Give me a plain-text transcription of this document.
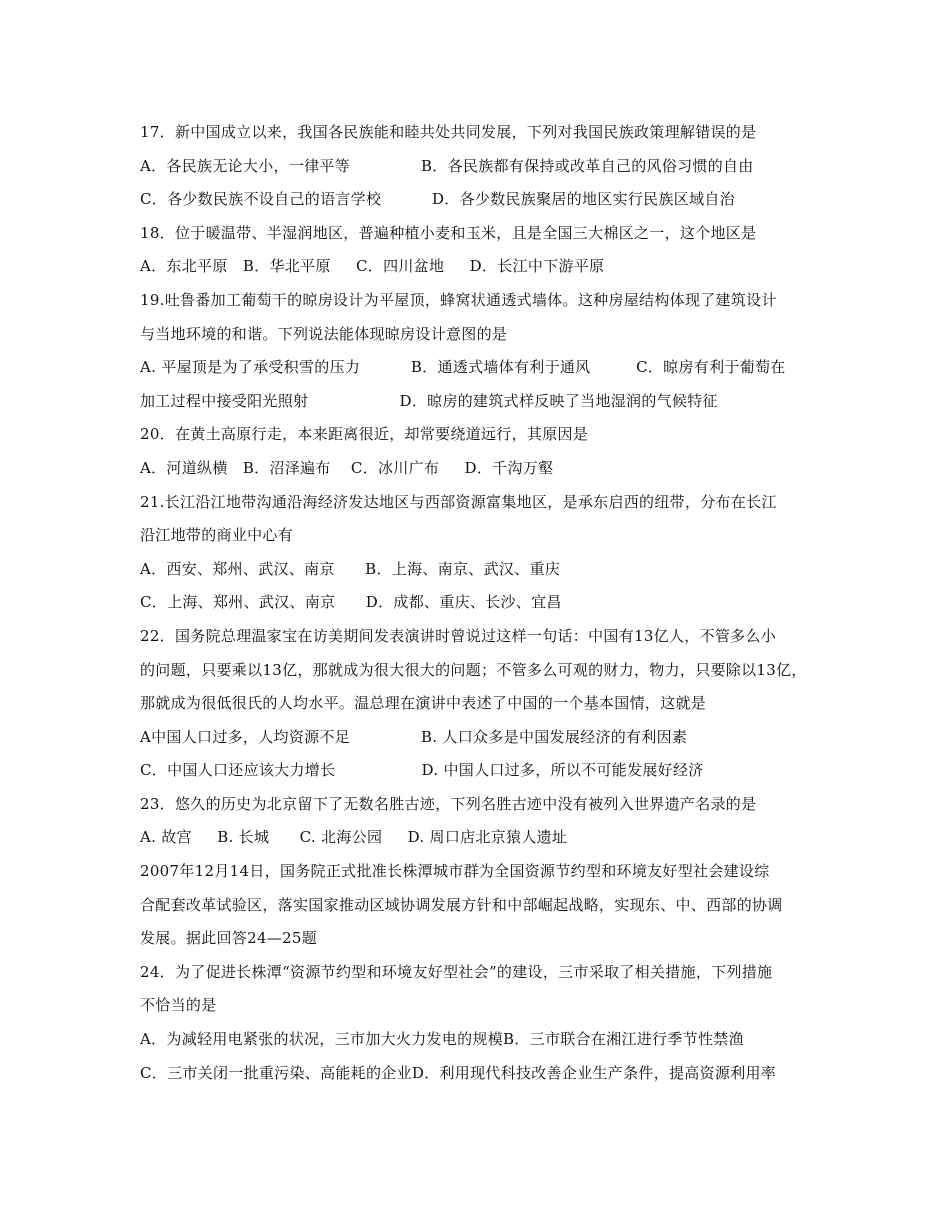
17．新中国成立以来，我国各民族能和睦共处共同发展，下列对我国民族政策理解错误的是
A．各民族无论大小，一律平等              B．各民族都有保持或改革自己的风俗习惯的自由
C．各少数民族不设自己的语言学校          D．各少数民族聚居的地区实行民族区域自治
18．位于暖温带、半湿润地区，普遍种植小麦和玉米，且是全国三大棉区之一，这个地区是
A．东北平原   B．华北平原     C．四川盆地     D．长江中下游平原
19.吐鲁番加工葡萄干的晾房设计为平屋顶，蜂窝状通透式墙体。这种房屋结构体现了建筑设计
与当地环境的和谐。下列说法能体现晾房设计意图的是
A. 平屋顶是为了承受积雪的压力          B．通透式墙体有利于通风         C．晾房有利于葡萄在
加工过程中接受阳光照射                  D．晾房的建筑式样反映了当地湿润的气候特征
20．在黄土高原行走，本来距离很近，却常要绕道远行，其原因是
A．河道纵横   B．沼泽遍布    C．冰川广布     D．千沟万壑
21.长江沿江地带沟通沿海经济发达地区与西部资源富集地区，是承东启西的纽带，分布在长江
沿江地带的商业中心有
A．西安、郑州、武汉、南京      B．上海、南京、武汉、重庆
C．上海、郑州、武汉、南京      D．成都、重庆、长沙、宜昌
22．国务院总理温家宝在访美期间发表演讲时曾说过这样一句话：中国有13亿人，不管多么小
的问题，只要乘以13亿，那就成为很大很大的问题；不管多么可观的财力，物力，只要除以13亿，
那就成为很低很氏的人均水平。温总理在演讲中表述了中国的一个基本国情，这就是
A中国人口过多，人均资源不足              B. 人口众多是中国发展经济的有利因素
C．中国人口还应该大力增长                 D. 中国人口过多，所以不可能发展好经济
23．悠久的历史为北京留下了无数名胜古迹，下列名胜古迹中没有被列入世界遗产名录的是
A. 故宫     B. 长城      C. 北海公园     D. 周口店北京猿人遗址
2007年12月14日，国务院正式批准长株潭城市群为全国资源节约型和环境友好型社会建设综
合配套改革试验区，落实国家推动区域协调发展方针和中部崛起战略，实现东、中、西部的协调
发展。据此回答24—25题
24．为了促进长株潭“资源节约型和环境友好型社会”的建设，三市采取了相关措施，下列措施
不恰当的是
A．为减轻用电紧张的状况，三市加大火力发电的规模B．三市联合在湘江进行季节性禁渔
C．三市关闭一批重污染、高能耗的企业D．利用现代科技改善企业生产条件，提高资源利用率
